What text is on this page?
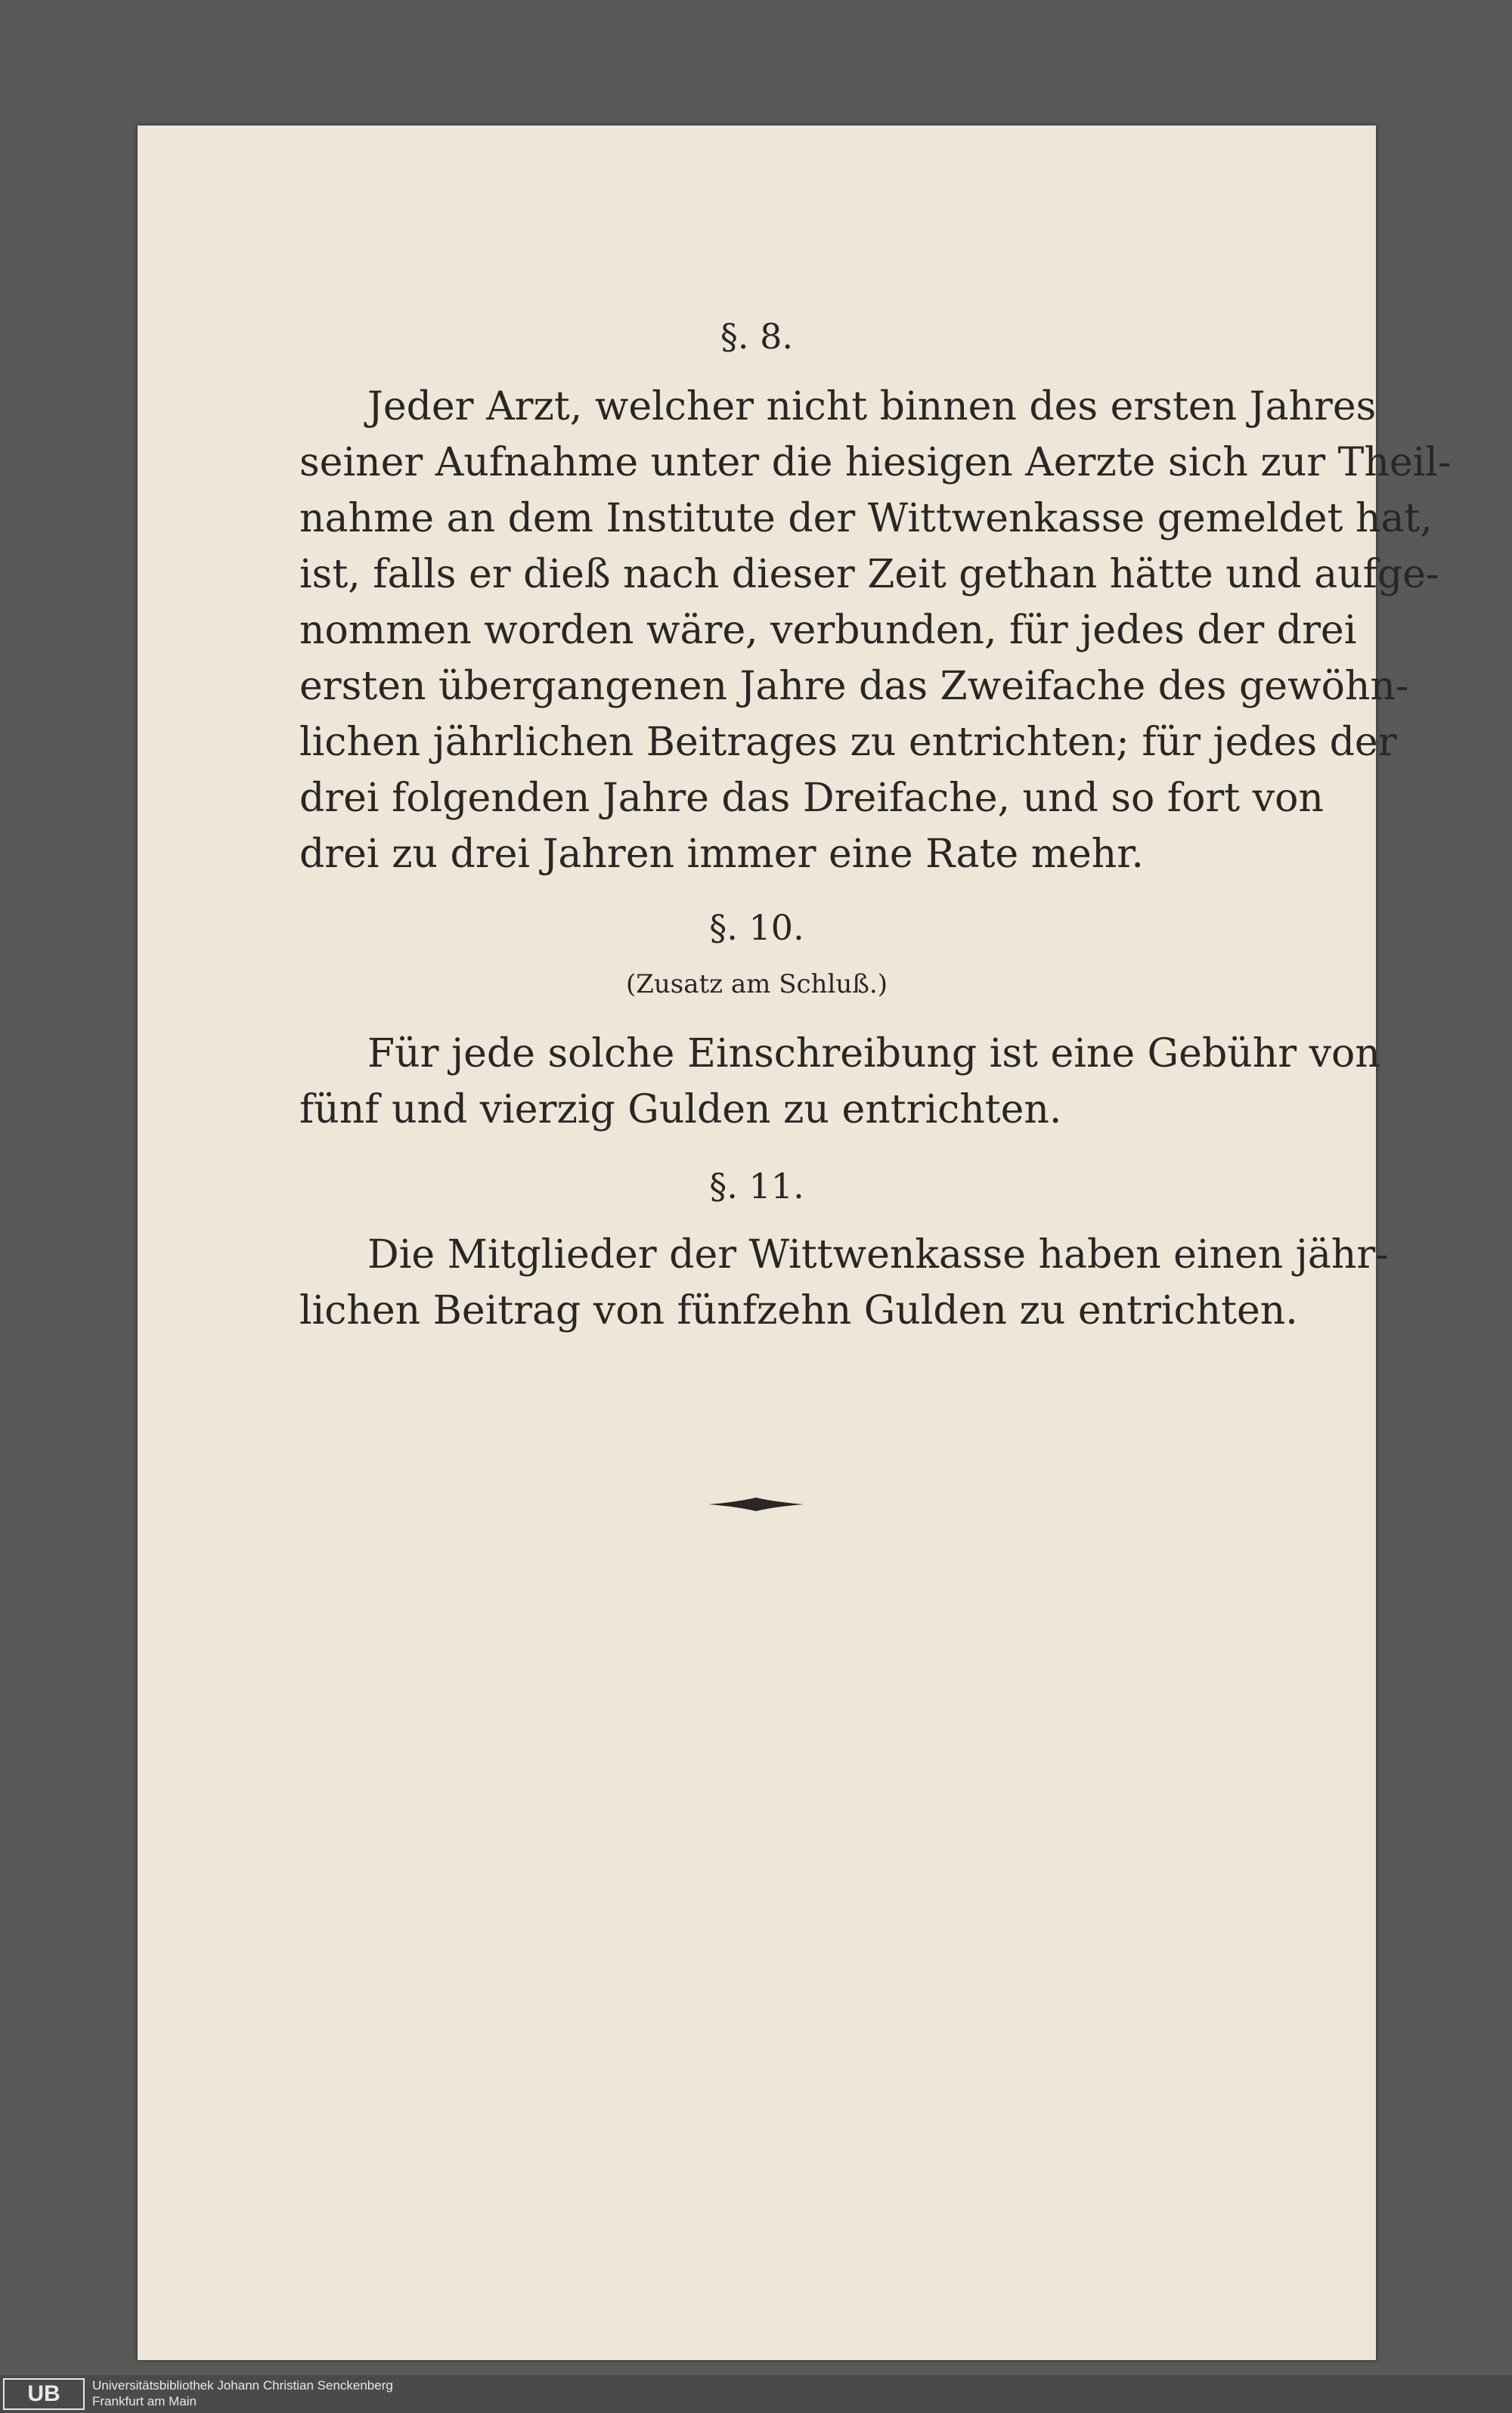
§. 8.
Jeder Arzt, welcher nicht binnen des ersten Jahres
seiner Aufnahme unter die hiesigen Aerzte sich zur Theil-
nahme an dem Institute der Wittwenkasse gemeldet hat,
ist, falls er dieß nach dieser Zeit gethan hätte und aufge-
nommen worden wäre, verbunden, für jedes der drei
ersten übergangenen Jahre das Zweifache des gewöhn-
lichen jährlichen Beitrages zu entrichten; für jedes der
drei folgenden Jahre das Dreifache, und so fort von
drei zu drei Jahren immer eine Rate mehr.
§. 10.
(Zusatz am Schluß.)
Für jede solche Einschreibung ist eine Gebühr von
fünf und vierzig Gulden zu entrichten.
§. 11.
Die Mitglieder der Wittwenkasse haben einen jähr-
lichen Beitrag von fünfzehn Gulden zu entrichten.
UB	Universitätsbibliothek Johann Christian Senckenberg
Frankfurt am Main
